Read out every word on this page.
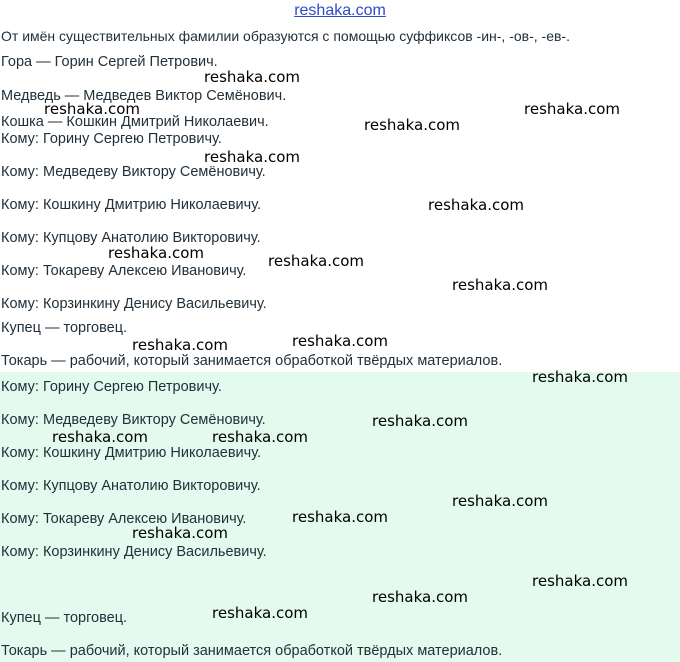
reshaka.com
От имён существительных фамилии образуются с помощью суффиксов -ин-, -ов-, -ев-.
Гора — Горин Сергей Петрович.
Медведь — Медведев Виктор Семёнович.
Кошка — Кошкин Дмитрий Николаевич.
Кому: Горину Сергею Петровичу.
Кому: Медведеву Виктору Семёновичу.
Кому: Кошкину Дмитрию Николаевичу.
Кому: Купцову Анатолию Викторовичу.
Кому: Токареву Алексею Ивановичу.
Кому: Корзинкину Денису Васильевичу.
Купец — торговец.
Токарь — рабочий, который занимается обработкой твёрдых материалов.
Кому: Горину Сергею Петровичу.
Кому: Медведеву Виктору Семёновичу.
Кому: Кошкину Дмитрию Николаевичу.
Кому: Купцову Анатолию Викторовичу.
Кому: Токареву Алексею Ивановичу.
Кому: Корзинкину Денису Васильевичу.
Купец — торговец.
Токарь — рабочий, который занимается обработкой твёрдых материалов.
reshaka.com
reshaka.com	reshaka.com
reshaka.com
reshaka.com
reshaka.com
reshaka.com	reshaka.com
reshaka.com
reshaka.com	reshaka.com
reshaka.com
reshaka.com
reshaka.com	reshaka.com
reshaka.com
reshaka.com
reshaka.com
reshaka.com
reshaka.com
reshaka.com
